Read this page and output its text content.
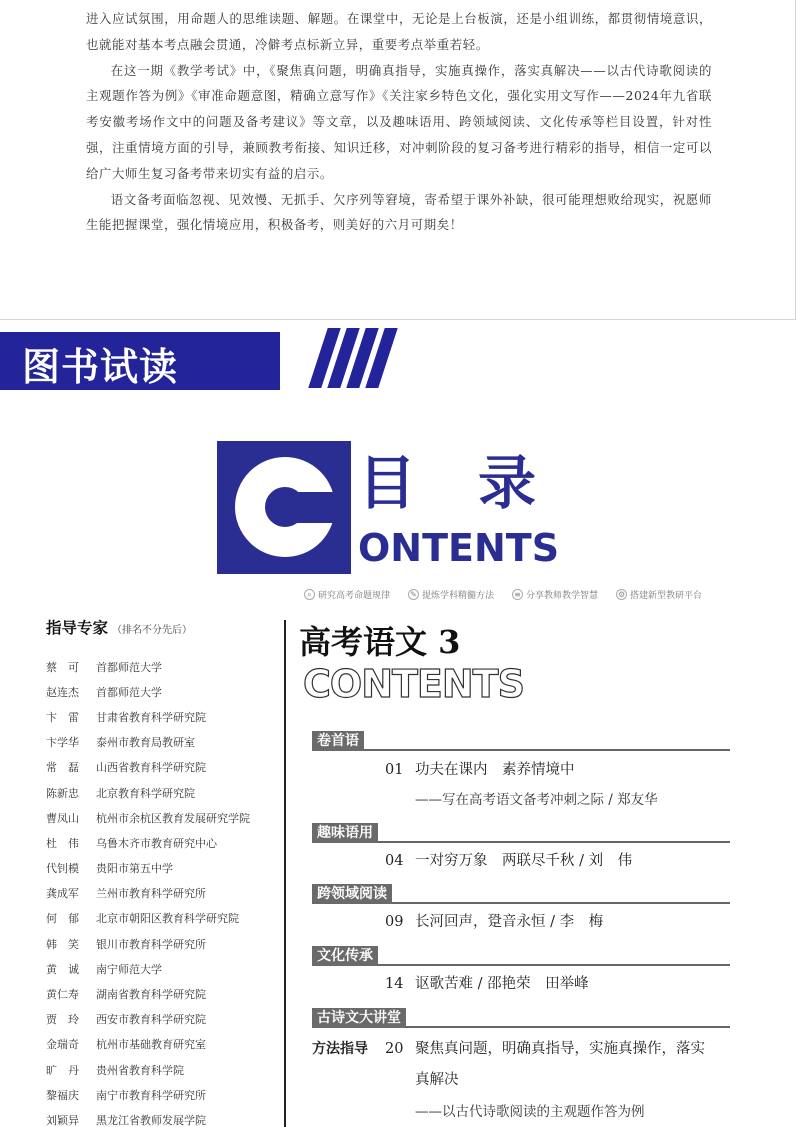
进入应试氛围，用命题人的思维读题、解题。在课堂中，无论是上台板演，还是小组训练，都贯彻情境意识，也就能对基本考点融会贯通，冷僻考点标新立异，重要考点举重若轻。

在这一期《教学考试》中，《聚焦真问题，明确真指导，实施真操作，落实真解决——以古代诗歌阅读的主观题作答为例》《审准命题意图，精确立意写作》《关注家乡特色文化，强化实用文写作——2024年九省联考安徽考场作文中的问题及备考建议》等文章，以及趣味语用、跨领域阅读、文化传承等栏目设置，针对性强，注重情境方面的引导，兼顾教考衔接、知识迁移，对冲刺阶段的复习备考进行精彩的指导，相信一定可以给广大师生复习备考带来切实有益的启示。

语文备考面临忽视、见效慢、无抓手、欠序列等窘境，寄希望于课外补缺，很可能理想败给现实，祝愿师生能把握课堂，强化情境应用，积极备考，则美好的六月可期矣！

图书试读
目录
ONTENTS
⌕ 研究高考命题规律	✎ 提炼学科精髓方法	≡ 分享教师教学智慧 ⚙ 搭建新型教研平台
指导专家 （排名不分先后）
蔡　可	首都师范大学
赵连杰	首都师范大学
卞　雷	甘肃省教育科学研究院
卞学华	泰州市教育局教研室
常　磊	山西省教育科学研究院
陈新忠	北京教育科学研究院
曹凤山	杭州市余杭区教育发展研究学院
杜　伟	乌鲁木齐市教育研究中心
代钊模	贵阳市第五中学
龚成军	兰州市教育科学研究所
何　郁	北京市朝阳区教育科学研究院
韩　笑	银川市教育科学研究所
黄　诚	南宁师范大学
黄仁寿	湖南省教育科学研究院
贾　玲	西安市教育科学研究院
金瑞奇	杭州市基础教育研究室
旷　丹	贵州省教育科学院
黎福庆	南宁市教育科学研究所
刘颖异	黑龙江省教师发展学院
高考语文 3
CONTENTS
卷首语
01 功夫在课内　素养情境中
——写在高考语文备考冲刺之际 / 郑友华
趣味语用
04 一对穷万象　两联尽千秋 / 刘　伟
跨领域阅读
09 长河回声，跫音永恒 / 李　梅
文化传承
14 讴歌苦难 / 邵艳荣　田举峰
古诗文大讲堂
方法指导 20 聚焦真问题，明确真指导，实施真操作，落实
真解决
——以古代诗歌阅读的主观题作答为例
